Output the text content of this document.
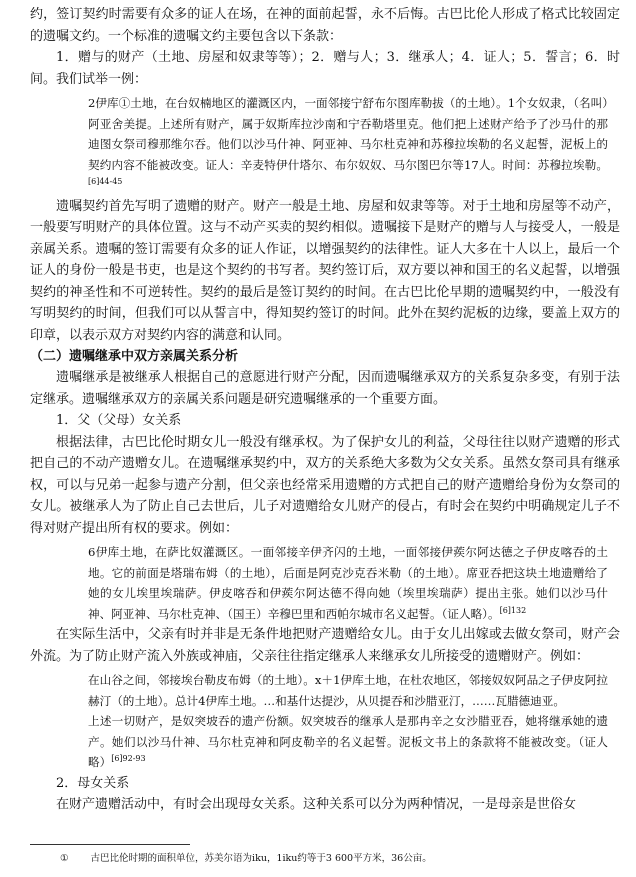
约，签订契约时需要有众多的证人在场，在神的面前起誓，永不后悔。古巴比伦人形成了格式比较固定的遗嘱文约。一个标准的遗嘱文约主要包含以下条款：

1．赠与的财产（土地、房屋和奴隶等等）；2．赠与人；3．继承人；4．证人；5．誓言；6．时间。我们试举一例：

2伊库①土地，在台奴楠地区的灌溉区内，一面邻接宁舒布尔图库勒拔（的土地）。1个女奴隶，（名叫）阿亚舍美提。上述所有财产，属于奴斯库拉沙南和宁吞勒塔里克。他们把上述财产给予了沙马什的那迪图女祭司穆那维尔吞。他们以沙马什神、阿亚神、马尔杜克神和苏穆拉埃勒的名义起誓，泥板上的契约内容不能被改变。证人：辛麦特伊什塔尔、布尔奴奴、马尔图巴尔等17人。时间：苏穆拉埃勒。$^{[6]44-45}$

遗嘱契约首先写明了遗赠的财产。财产一般是土地、房屋和奴隶等等。对于土地和房屋等不动产，一般要写明财产的具体位置。这与不动产买卖的契约相似。遗嘱接下是财产的赠与人与接受人，一般是亲属关系。遗嘱的签订需要有众多的证人作证，以增强契约的法律性。证人大多在十人以上，最后一个证人的身份一般是书吏，也是这个契约的书写者。契约签订后，双方要以神和国王的名义起誓，以增强契约的神圣性和不可逆转性。契约的最后是签订契约的时间。在古巴比伦早期的遗嘱契约中，一般没有写明契约的时间，但我们可以从誓言中，得知契约签订的时间。此外在契约泥板的边缘，要盖上双方的印章，以表示双方对契约内容的满意和认同。

（二）遗嘱继承中双方亲属关系分析

遗嘱继承是被继承人根据自己的意愿进行财产分配，因而遗嘱继承双方的关系复杂多变，有别于法定继承。遗嘱继承双方的亲属关系问题是研究遗嘱继承的一个重要方面。

1．父（父母）女关系

根据法律，古巴比伦时期女儿一般没有继承权。为了保护女儿的利益，父母往往以财产遗赠的形式把自己的不动产遗赠女儿。在遗嘱继承契约中，双方的关系绝大多数为父女关系。虽然女祭司具有继承权，可以与兄弟一起参与遗产分割，但父亲也经常采用遗赠的方式把自己的财产遗赠给身份为女祭司的女儿。被继承人为了防止自己去世后，儿子对遗赠给女儿财产的侵占，有时会在契约中明确规定儿子不得对财产提出所有权的要求。例如：

6伊库土地，在萨比奴灌溉区。一面邻接辛伊齐闪的土地，一面邻接伊蒺尔阿达德之子伊皮喀吞的土地。它的前面是塔瑞布姆（的土地），后面是阿克沙克吞米勒（的土地）。席亚吞把这块土地遗赠给了她的女儿埃里埃瑞萨。伊皮喀吞和伊蒺尔阿达德不得向她（埃里埃瑞萨）提出主张。她们以沙马什神、阿亚神、马尔杜克神、（国王）辛穆巴里和西帕尔城市名义起誓。（证人略）。$^{[6]132}$

在实际生活中，父亲有时并非是无条件地把财产遗赠给女儿。由于女儿出嫁或去做女祭司，财产会外流。为了防止财产流入外族或神庙，父亲往往指定继承人来继承女儿所接受的遗赠财产。例如：

在山谷之间，邻接埃台勒皮布姆（的土地）。x＋1伊库土地，在杜农地区，邻接奴奴阿品之子伊皮阿拉赫汀（的土地）。总计4伊库土地。…和基什达提沙，从贝提吞和沙腊亚汀，……瓦腊德迪亚。

上述一切财产，是奴突坡吞的遗产份额。奴突坡吞的继承人是那冉辛之女沙腊亚吞，她将继承她的遗产。她们以沙马什神、马尔杜克神和阿皮勒辛的名义起誓。泥板文书上的条款将不能被改变。（证人略）$^{[6]92-93}$

2．母女关系

在财产遗赠活动中，有时会出现母女关系。这种关系可以分为两种情况，一是母亲是世俗女

① 古巴比伦时期的面积单位，苏美尔语为iku，1iku约等于3 600平方米，36公亩。
